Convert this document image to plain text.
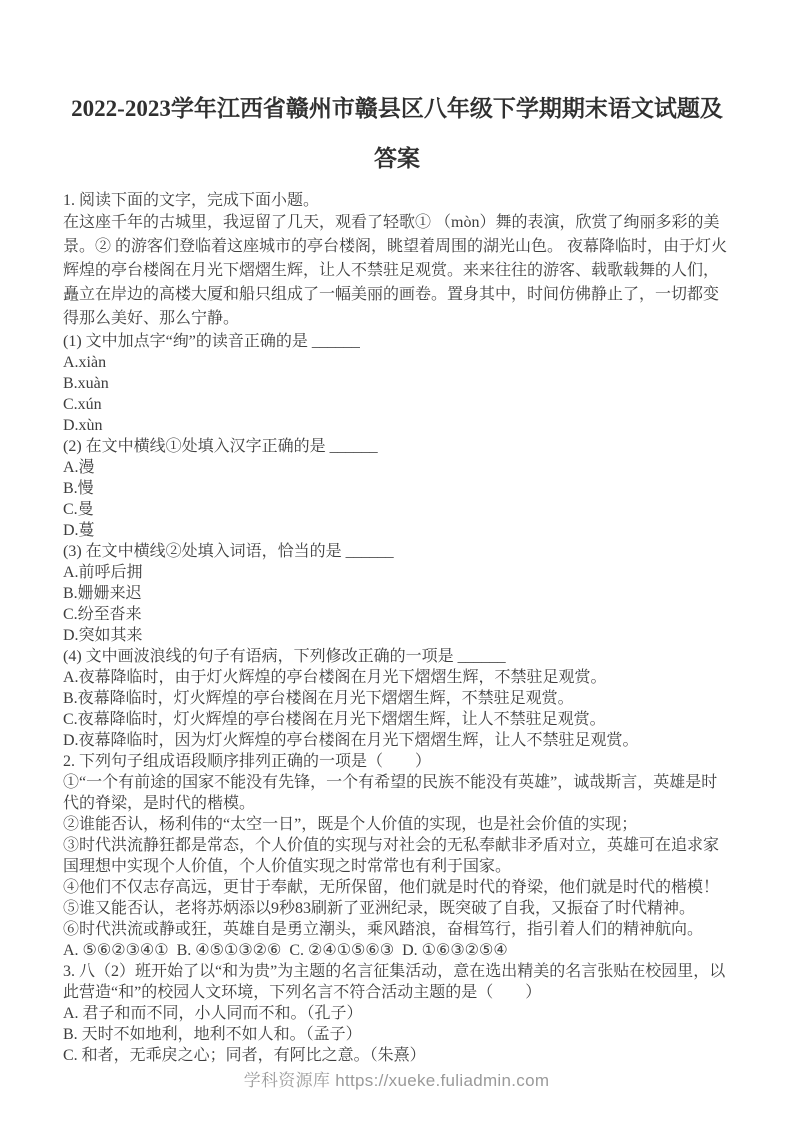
2022-2023学年江西省赣州市赣县区八年级下学期期末语文试题及答案

1. 阅读下面的文字，完成下面小题。

在这座千年的古城里，我逗留了几天，观看了轻歌① （mòn）舞的表演，欣赏了绚丽多彩的美景。② 的游客们登临着这座城市的亭台楼阁，眺望着周围的湖光山色。 夜幕降临时，由于灯火辉煌的亭台楼阁在月光下熠熠生辉，让人不禁驻足观赏。来来往往的游客、载歌载舞的人们，矗立在岸边的高楼大厦和船只组成了一幅美丽的画卷。置身其中，时间仿佛静止了，一切都变得那么美好、那么宁静。

(1) 文中加点字“绚”的读音正确的是 ______

A.xiàn

B.xuàn

C.xún

D.xùn

(2) 在文中横线①处填入汉字正确的是 ______

A.漫

B.慢

C.曼

D.蔓

(3) 在文中横线②处填入词语，恰当的是 ______

A.前呼后拥

B.姗姗来迟

C.纷至沓来

D.突如其来

(4) 文中画波浪线的句子有语病，下列修改正确的一项是 ______

A.夜幕降临时，由于灯火辉煌的亭台楼阁在月光下熠熠生辉，不禁驻足观赏。

B.夜幕降临时，灯火辉煌的亭台楼阁在月光下熠熠生辉，不禁驻足观赏。

C.夜幕降临时，灯火辉煌的亭台楼阁在月光下熠熠生辉，让人不禁驻足观赏。

D.夜幕降临时，因为灯火辉煌的亭台楼阁在月光下熠熠生辉，让人不禁驻足观赏。

2. 下列句子组成语段顺序排列正确的一项是（　　）

①“一个有前途的国家不能没有先锋，一个有希望的民族不能没有英雄”，诚哉斯言，英雄是时代的脊梁，是时代的楷模。

②谁能否认，杨利伟的“太空一日”，既是个人价值的实现，也是社会价值的实现；

③时代洪流静狂都是常态，个人价值的实现与对社会的无私奉献非矛盾对立，英雄可在追求家国理想中实现个人价值，个人价值实现之时常常也有利于国家。

④他们不仅志存高远，更甘于奉献，无所保留，他们就是时代的脊梁，他们就是时代的楷模！

⑤谁又能否认，老将苏炳添以9秒83刷新了亚洲纪录，既突破了自我，又振奋了时代精神。

⑥时代洪流或静或狂，英雄自是勇立潮头，乘风踏浪，奋楫笃行，指引着人们的精神航向。

A. ⑤⑥②③④①  B. ④⑤①③②⑥  C. ②④①⑤⑥③  D. ①⑥③②⑤④

3. 八（2）班开始了以“和为贵”为主题的名言征集活动，意在选出精美的名言张贴在校园里，以此营造“和”的校园人文环境，下列名言不符合活动主题的是（　　）

A. 君子和而不同，小人同而不和。（孔子）

B. 天时不如地利，地利不如人和。（孟子）

C. 和者，无乖戾之心；同者，有阿比之意。（朱熹）

学科资源库 https://xueke.fuliadmin.com
